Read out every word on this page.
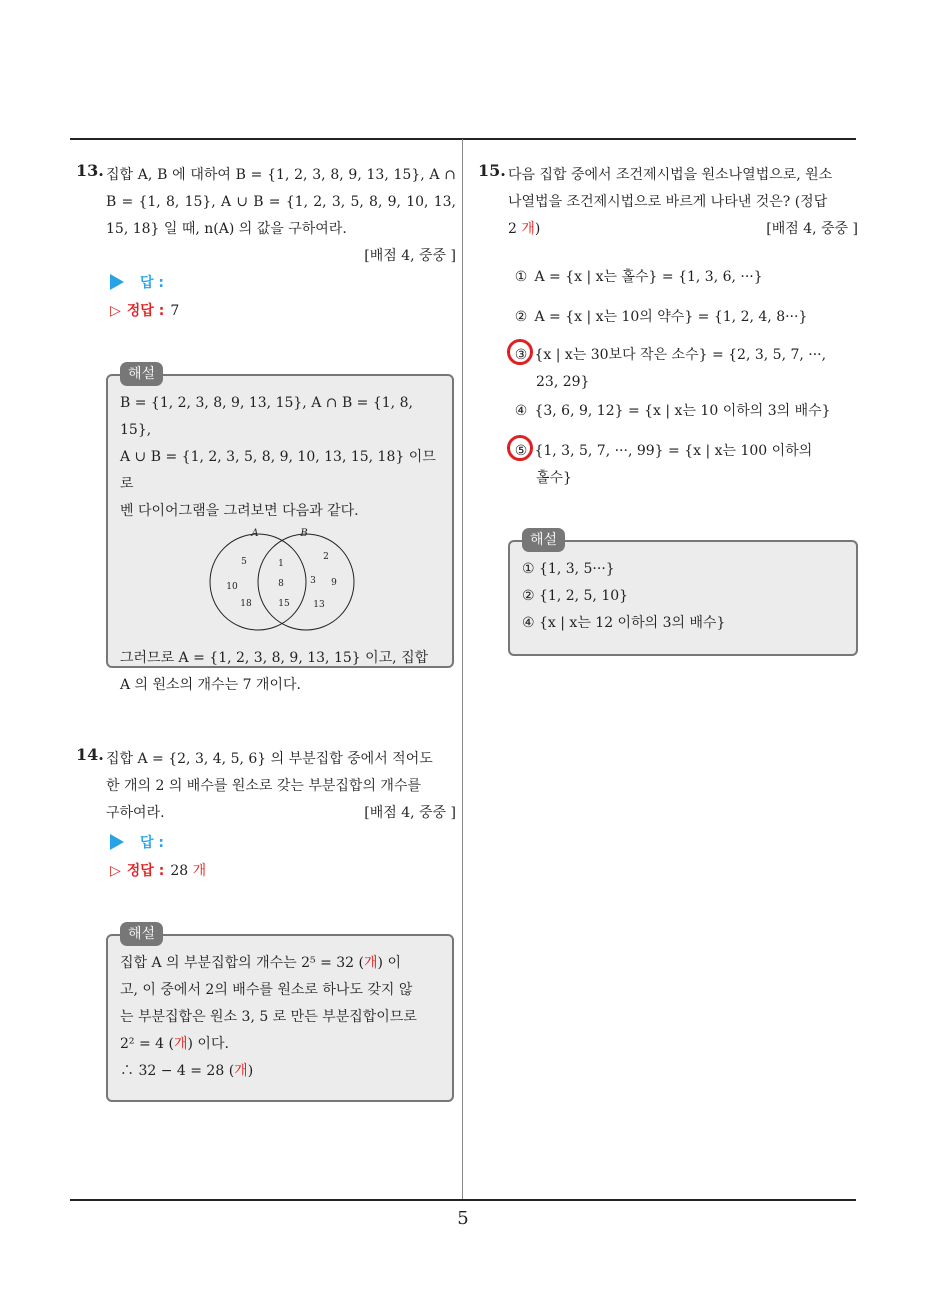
5
13. 집합 A, B 에 대하여 B = {1, 2, 3, 8, 9, 13, 15}, A ∩ B = {1, 8, 15}, A ∪ B = {1, 2, 3, 5, 8, 9, 10, 13, 15, 18} 일 때, n(A) 의 값을 구하여라.
[배점 4, 중중 ]
답 :
▷ 정답 : 7
해설
B = {1, 2, 3, 8, 9, 13, 15}, A ∩ B = {1, 8, 15},
A ∪ B = {1, 2, 3, 5, 8, 9, 10, 13, 15, 18} 이므로
벤 다이어그램을 그려보면 다음과 같다.
A	B
5
10
18
1
8
15
2
3 9
13
그러므로 A = {1, 2, 3, 8, 9, 13, 15} 이고, 집합
A 의 원소의 개수는 7 개이다.
14. 집합 A = {2, 3, 4, 5, 6} 의 부분집합 중에서 적어도
한 개의 2 의 배수를 원소로 갖는 부분집합의 개수를
구하여라.	[배점 4, 중중 ]
답 :
▷ 정답 : 28 개
해설
집합 A 의 부분집합의 개수는 2⁵ = 32 (개) 이
고, 이 중에서 2의 배수를 원소로 하나도 갖지 않
는 부분집합은 원소 3, 5 로 만든 부분집합이므로
2² = 4 (개) 이다.
∴ 32 − 4 = 28 (개)
15. 다음 집합 중에서 조건제시법을 원소나열법으로, 원소
나열법을 조건제시법으로 바르게 나타낸 것은? (정답
2 개)	[배점 4, 중중 ]
① A = {x | x는 홀수} = {1, 3, 6, ···}
② A = {x | x는 10의 약수} = {1, 2, 4, 8···}
③ {x | x는 30보다 작은 소수} = {2, 3, 5, 7, ···,
23, 29}
④ {3, 6, 9, 12} = {x | x는 10 이하의 3의 배수}
⑤ {1, 3, 5, 7, ···, 99} = {x | x는 100 이하의
홀수}
해설
① {1, 3, 5···}
② {1, 2, 5, 10}
④ {x | x는 12 이하의 3의 배수}
